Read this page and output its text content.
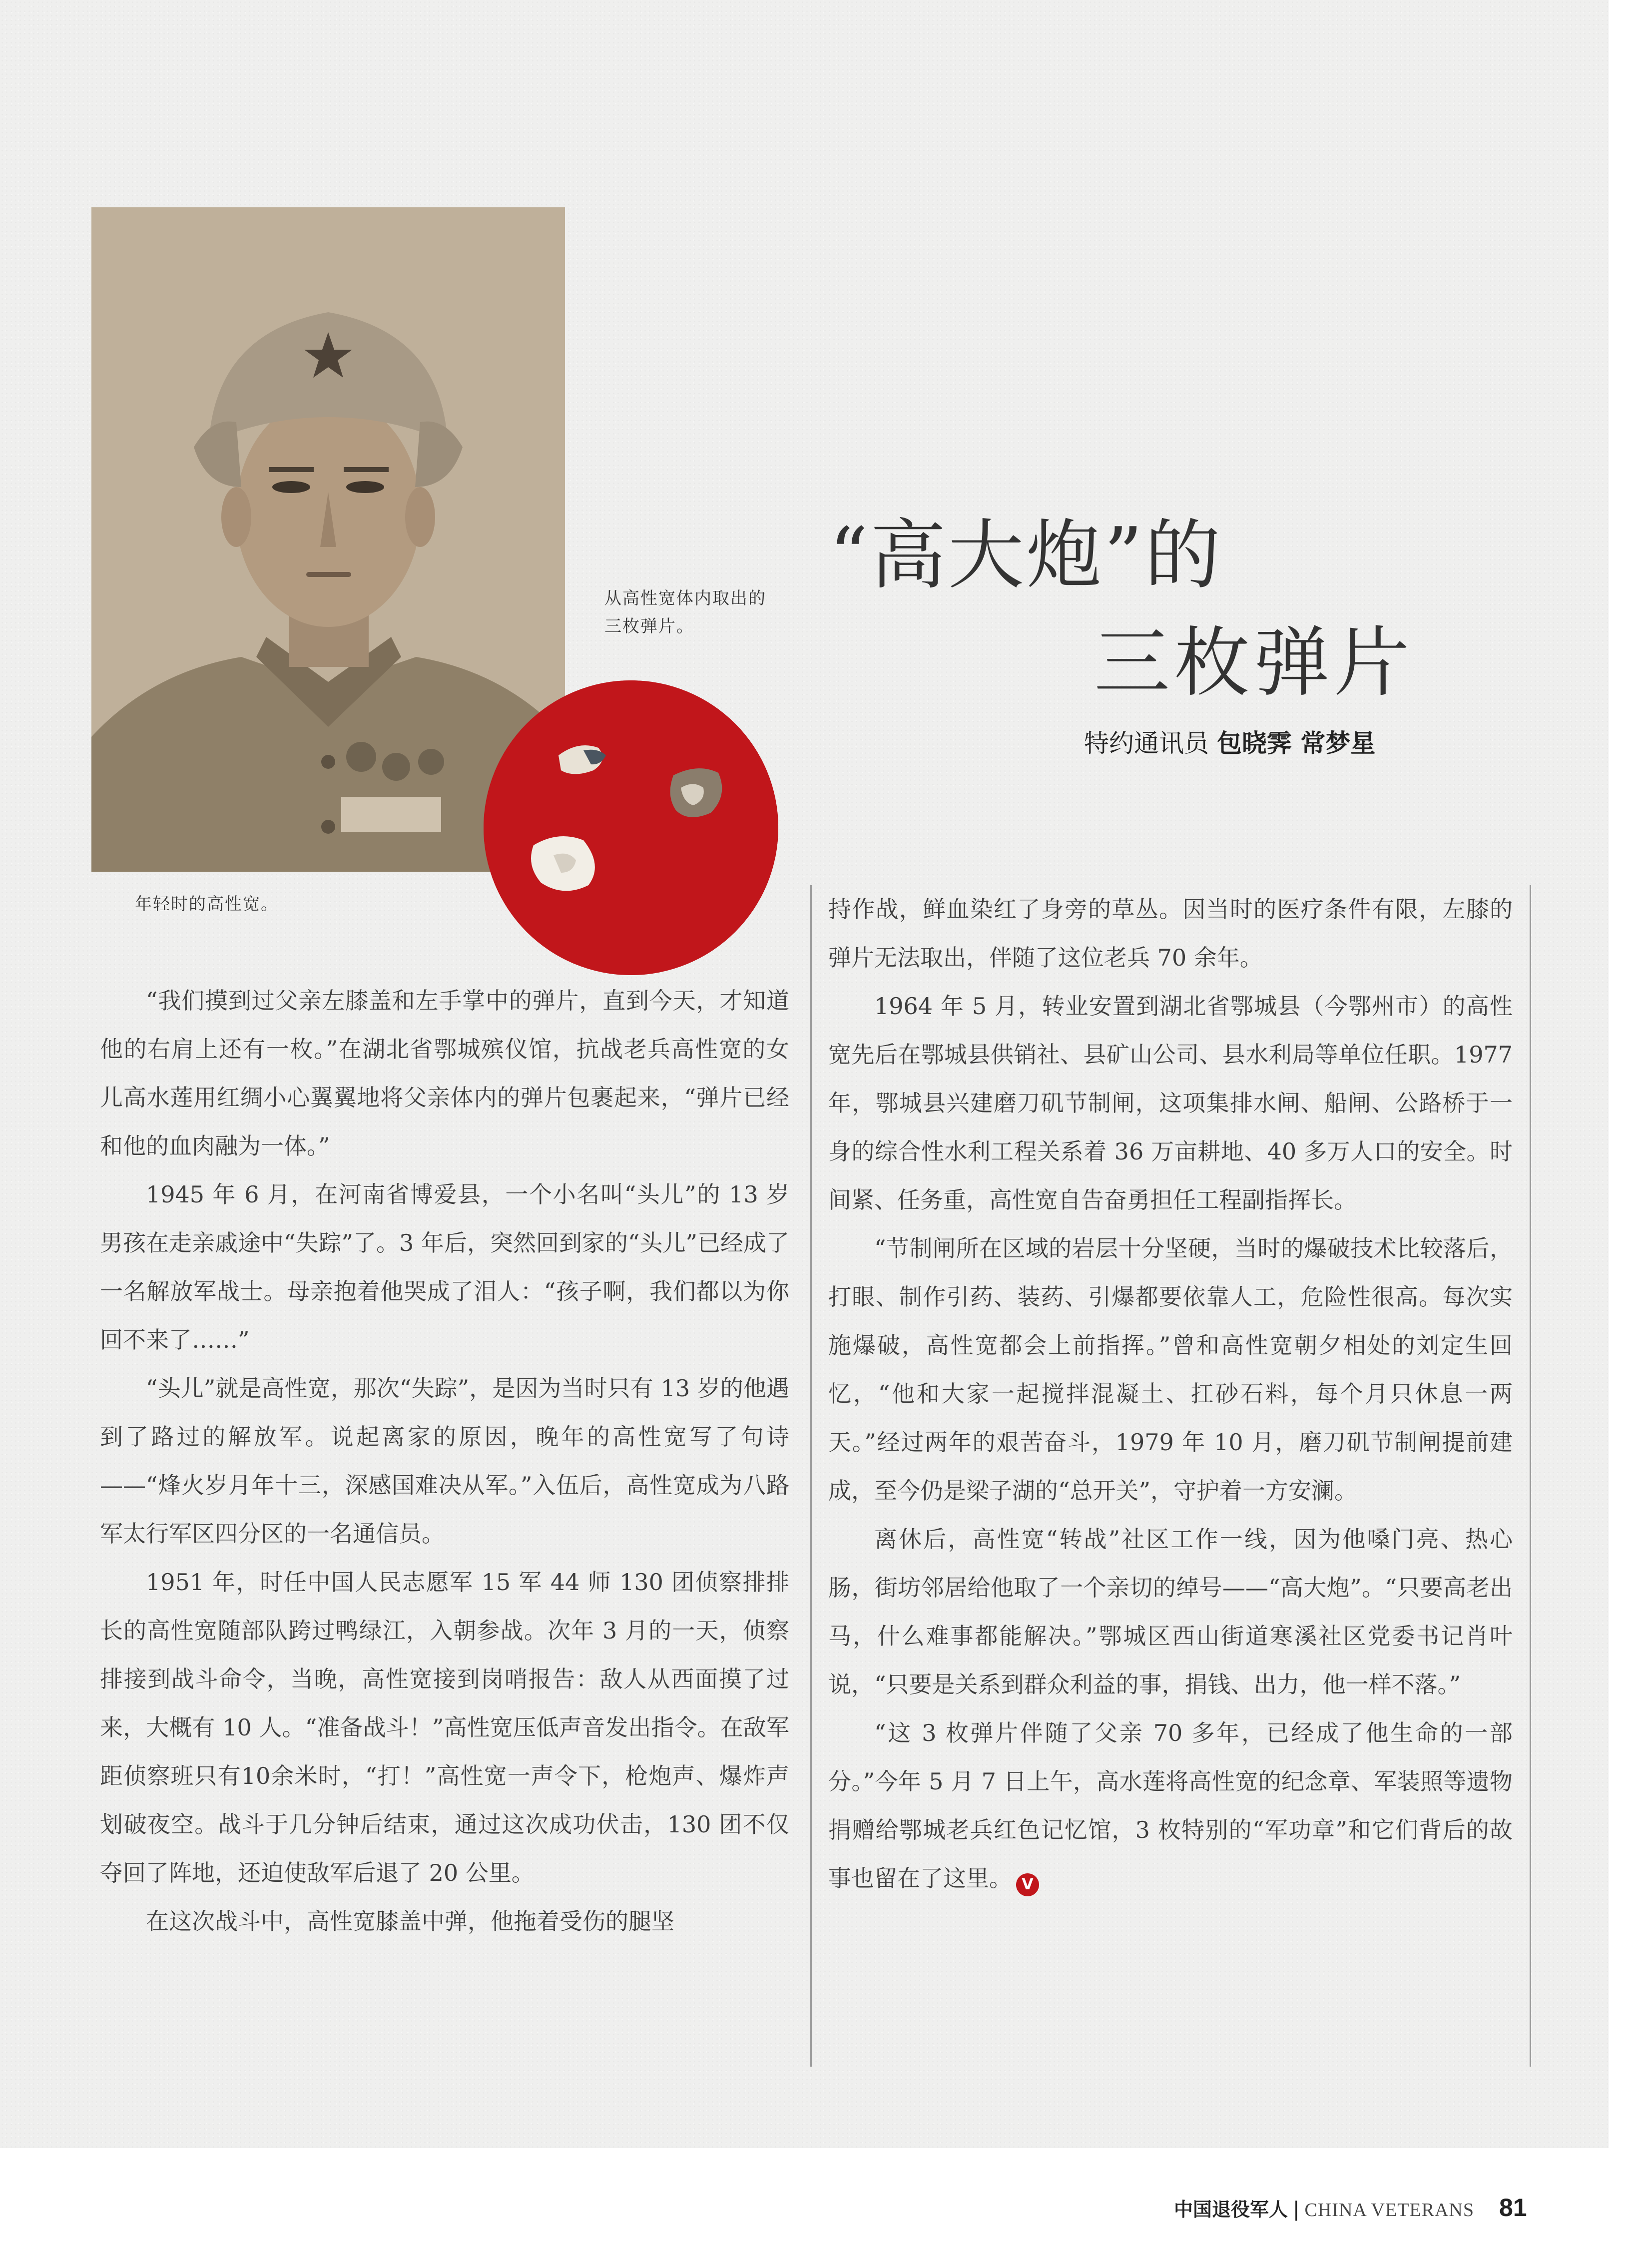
年轻时的高性宽。
从高性宽体内取出的三枚弹片。
“高大炮”的
三枚弹片
特约通讯员 包晓霁 常梦星

“我们摸到过父亲左膝盖和左手掌中的弹片，直到今天，才知道他的右肩上还有一枚。”在湖北省鄂城殡仪馆，抗战老兵高性宽的女儿高水莲用红绸小心翼翼地将父亲体内的弹片包裹起来，“弹片已经和他的血肉融为一体。”

1945 年 6 月，在河南省博爱县，一个小名叫“头儿”的 13 岁男孩在走亲戚途中“失踪”了。3 年后，突然回到家的“头儿”已经成了一名解放军战士。母亲抱着他哭成了泪人：“孩子啊，我们都以为你回不来了……”

“头儿”就是高性宽，那次“失踪”，是因为当时只有 13 岁的他遇到了路过的解放军。说起离家的原因，晚年的高性宽写了句诗——“烽火岁月年十三，深感国难决从军。”入伍后，高性宽成为八路军太行军区四分区的一名通信员。

1951 年，时任中国人民志愿军 15 军 44 师 130 团侦察排排长的高性宽随部队跨过鸭绿江，入朝参战。次年 3 月的一天，侦察排接到战斗命令，当晚，高性宽接到岗哨报告：敌人从西面摸了过来，大概有 10 人。“准备战斗！”高性宽压低声音发出指令。在敌军距侦察班只有10余米时，“打！”高性宽一声令下，枪炮声、爆炸声划破夜空。战斗于几分钟后结束，通过这次成功伏击，130 团不仅夺回了阵地，还迫使敌军后退了 20 公里。

在这次战斗中，高性宽膝盖中弹，他拖着受伤的腿坚

持作战，鲜血染红了身旁的草丛。因当时的医疗条件有限，左膝的弹片无法取出，伴随了这位老兵 70 余年。

1964 年 5 月，转业安置到湖北省鄂城县（今鄂州市）的高性宽先后在鄂城县供销社、县矿山公司、县水利局等单位任职。1977 年，鄂城县兴建磨刀矶节制闸，这项集排水闸、船闸、公路桥于一身的综合性水利工程关系着 36 万亩耕地、40 多万人口的安全。时间紧、任务重，高性宽自告奋勇担任工程副指挥长。

“节制闸所在区域的岩层十分坚硬，当时的爆破技术比较落后，打眼、制作引药、装药、引爆都要依靠人工，危险性很高。每次实施爆破，高性宽都会上前指挥。”曾和高性宽朝夕相处的刘定生回忆，“他和大家一起搅拌混凝土、扛砂石料，每个月只休息一两天。”经过两年的艰苦奋斗，1979 年 10 月，磨刀矶节制闸提前建成，至今仍是梁子湖的“总开关”，守护着一方安澜。

离休后，高性宽“转战”社区工作一线，因为他嗓门亮、热心肠，街坊邻居给他取了一个亲切的绰号——“高大炮”。“只要高老出马，什么难事都能解决。”鄂城区西山街道寒溪社区党委书记肖叶说，“只要是关系到群众利益的事，捐钱、出力，他一样不落。”

“这 3 枚弹片伴随了父亲 70 多年，已经成了他生命的一部分。”今年 5 月 7 日上午，高水莲将高性宽的纪念章、军装照等遗物捐赠给鄂城老兵红色记忆馆，3 枚特别的“军功章”和它们背后的故事也留在了这里。 V

中国退役军人 | CHINA VETERANS 81
